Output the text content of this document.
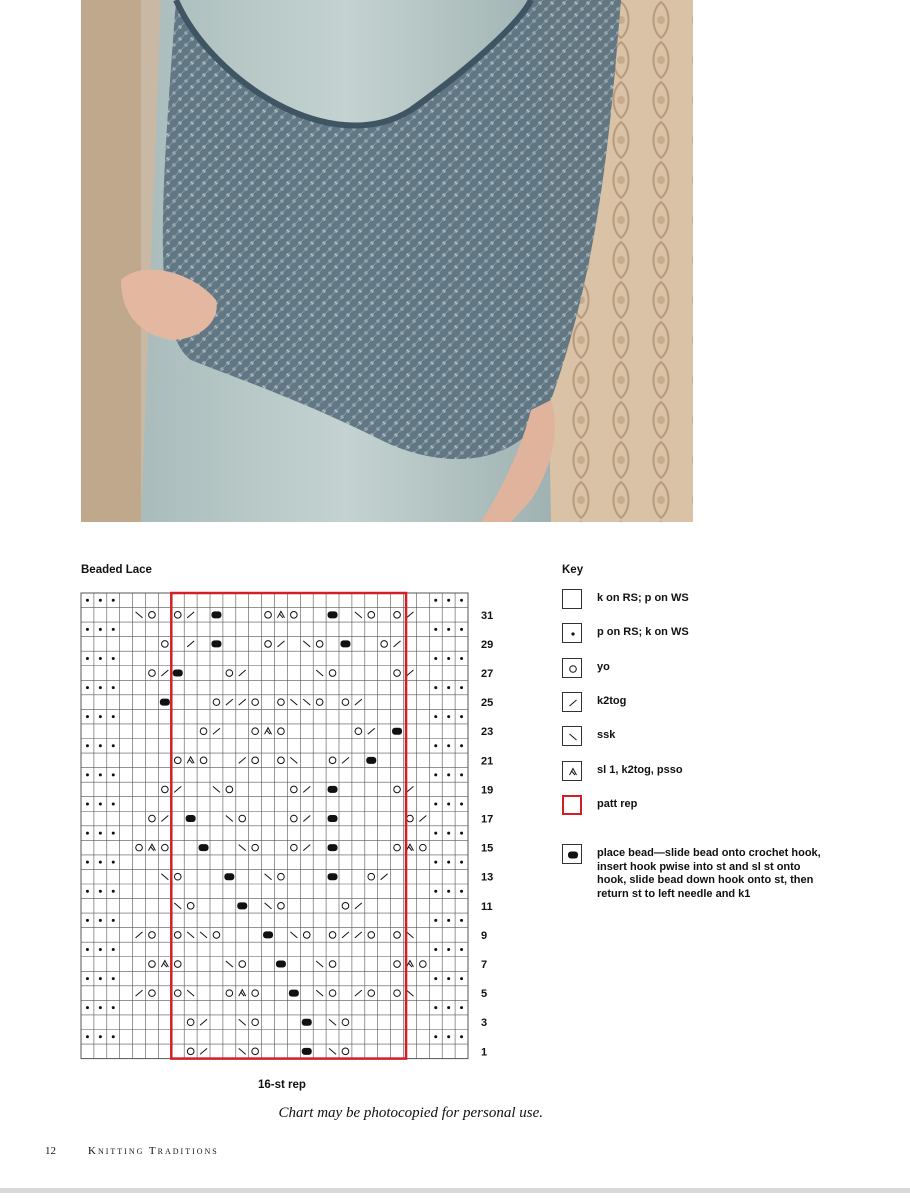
Beaded Lace
31
29
27
25
23
21
19
17
15
13
11
9
7
5
3
1
16-st rep
Key
k on RS; p on WS
p on RS; k on WS
yo
k2tog
ssk
sl 1, k2tog, psso
patt rep
place bead—slide bead onto crochet hook, insert hook pwise into st and sl st onto hook, slide bead down hook onto st, then return st to left needle and k1
Chart may be photocopied for personal use.
12	Knitting Traditions
